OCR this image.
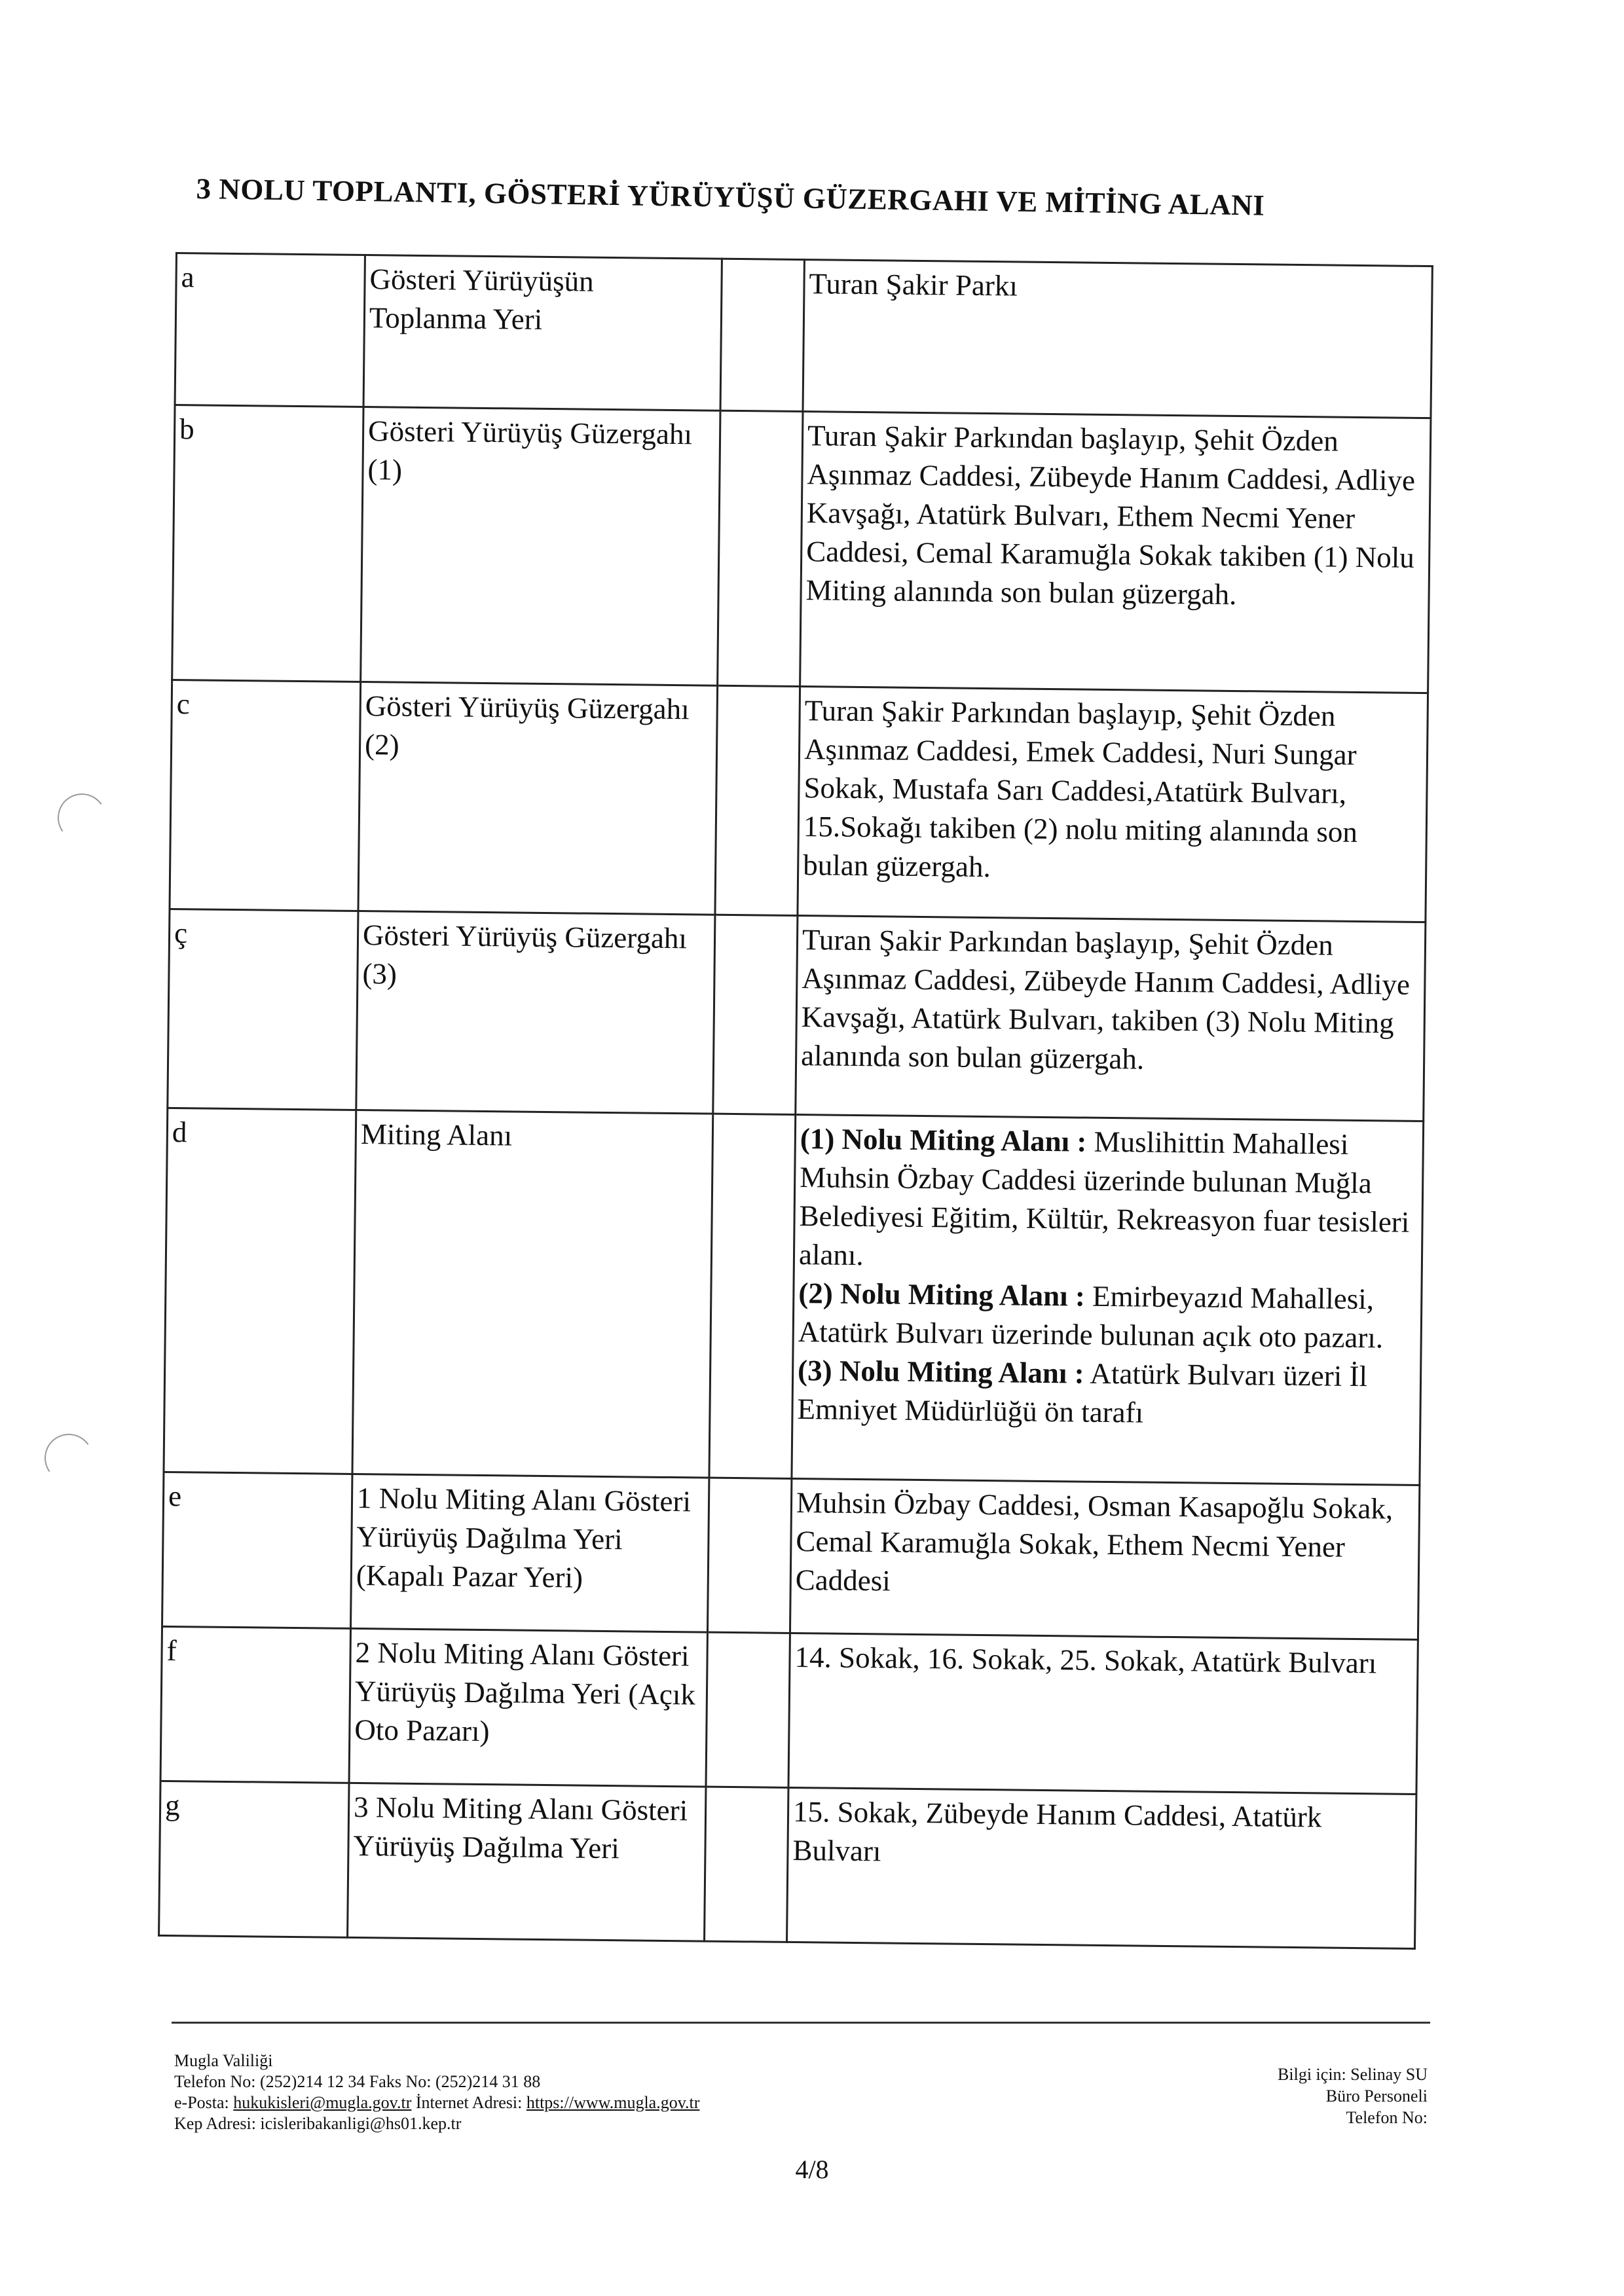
3 NOLU TOPLANTI, GÖSTERİ YÜRÜYÜŞÜ GÜZERGAHI VE MİTİNG ALANI
a	Gösteri Yürüyüşün Toplanma Yeri		Turan Şakir Parkı
b	Gösteri Yürüyüş Güzergahı (1)		Turan Şakir Parkından başlayıp, Şehit Özden Aşınmaz Caddesi, Zübeyde Hanım Caddesi, Adliye Kavşağı, Atatürk Bulvarı, Ethem Necmi Yener Caddesi, Cemal Karamuğla Sokak takiben (1) Nolu Miting alanında son bulan güzergah.
c	Gösteri Yürüyüş Güzergahı (2)		Turan Şakir Parkından başlayıp, Şehit Özden Aşınmaz Caddesi, Emek Caddesi, Nuri Sungar Sokak, Mustafa Sarı Caddesi,Atatürk Bulvarı, 15.Sokağı takiben (2) nolu miting alanında son bulan güzergah.
ç	Gösteri Yürüyüş Güzergahı (3)		Turan Şakir Parkından başlayıp, Şehit Özden Aşınmaz Caddesi, Zübeyde Hanım Caddesi, Adliye Kavşağı, Atatürk Bulvarı, takiben (3) Nolu Miting alanında son bulan güzergah.
d	Miting Alanı		(1) Nolu Miting Alanı : Muslihittin Mahallesi Muhsin Özbay Caddesi üzerinde bulunan Muğla Belediyesi Eğitim, Kültür, Rekreasyon fuar tesisleri alanı.
(2) Nolu Miting Alanı : Emirbeyazıd Mahallesi, Atatürk Bulvarı üzerinde bulunan açık oto pazarı.
(3) Nolu Miting Alanı : Atatürk Bulvarı üzeri İl Emniyet Müdürlüğü ön tarafı

e	1 Nolu Miting Alanı Gösteri Yürüyüş Dağılma Yeri (Kapalı Pazar Yeri)		Muhsin Özbay Caddesi, Osman Kasapoğlu Sokak, Cemal Karamuğla Sokak, Ethem Necmi Yener Caddesi
f	2 Nolu Miting Alanı Gösteri Yürüyüş Dağılma Yeri (Açık Oto Pazarı)		14. Sokak, 16. Sokak, 25. Sokak, Atatürk Bulvarı
g	3 Nolu Miting Alanı Gösteri Yürüyüş Dağılma Yeri		15. Sokak, Zübeyde Hanım Caddesi, Atatürk Bulvarı
Mugla Valiliği
Telefon No: (252)214 12 34 Faks No: (252)214 31 88
e-Posta: hukukisleri@mugla.gov.tr İnternet Adresi: https://www.mugla.gov.tr
Kep Adresi: icisleribakanligi@hs01.kep.tr
Bilgi için: Selinay SU
Büro Personeli
Telefon No:
4/8
